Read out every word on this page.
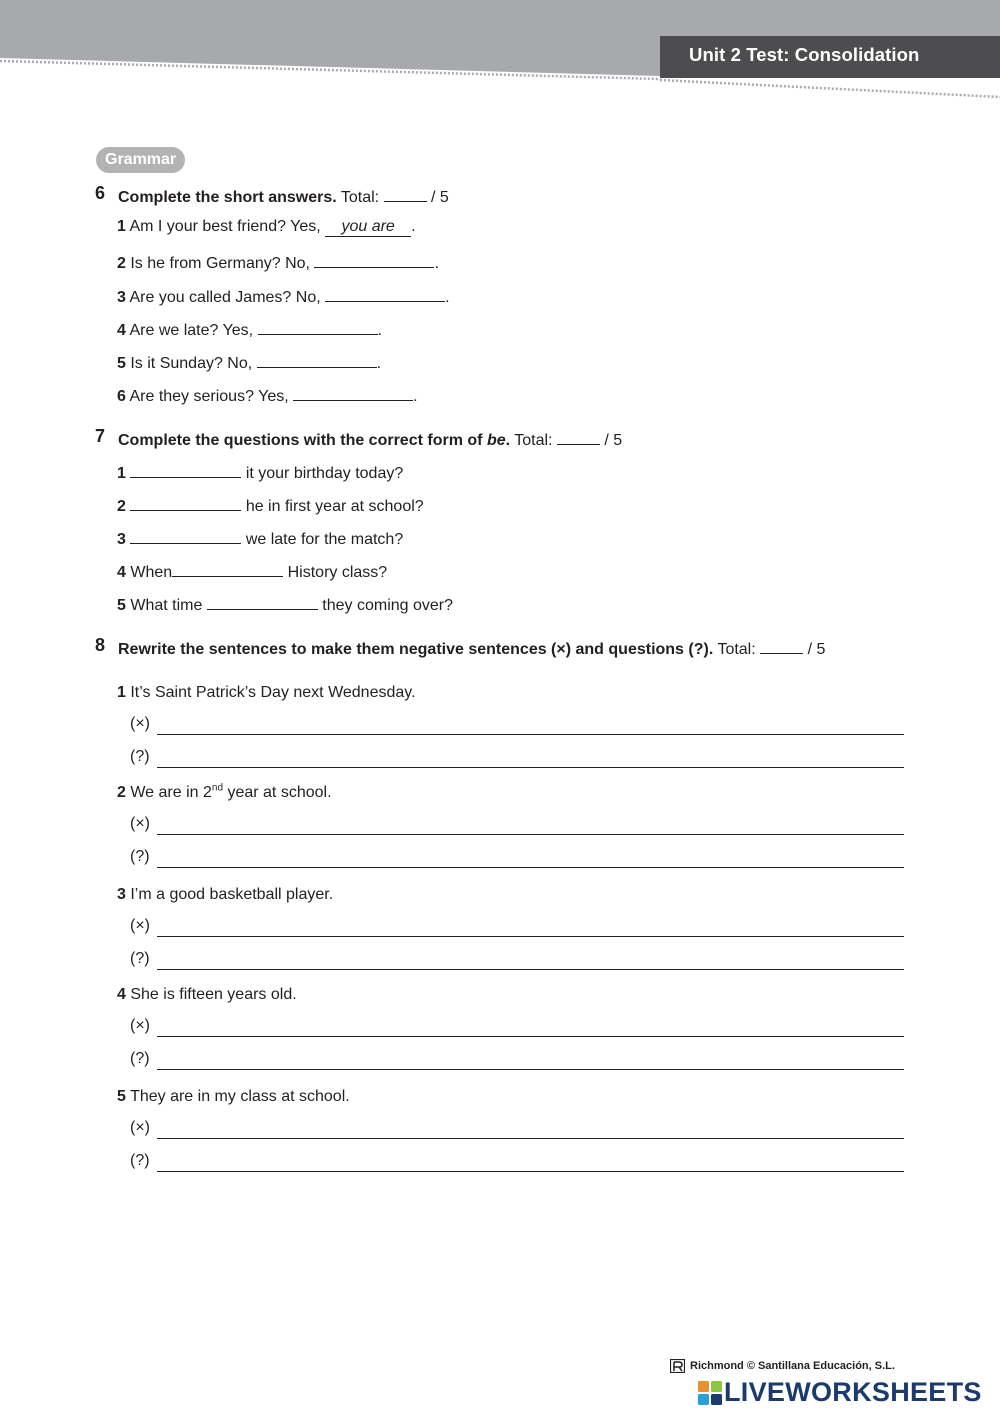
Unit 2 Test: Consolidation
Grammar
6 Complete the short answers. Total:	/ 5
1 Am I your best friend? Yes, you are .
2 Is he from Germany? No,	.
3 Are you called James? No,	.
4 Are we late? Yes,	.
5 Is it Sunday? No,	.
6 Are they serious? Yes,	.
7 Complete the questions with the correct form of be. Total:	/ 5
1	it your birthday today?
2	he in first year at school?
3	we late for the match?
4 When	History class?
5 What time	they coming over?
8 Rewrite the sentences to make them negative sentences (×) and questions (?). Total:	/ 5
1 It’s Saint Patrick’s Day next Wednesday.
(×)
(?)
2 We are in 2nd year at school.
(×)
(?)
3 I’m a good basketball player.
(×)
(?)
4 She is fifteen years old.
(×)
(?)
5 They are in my class at school.
(×)
(?)
Richmond © Santillana Educación, S.L.
LIVEWORKSHEETS
